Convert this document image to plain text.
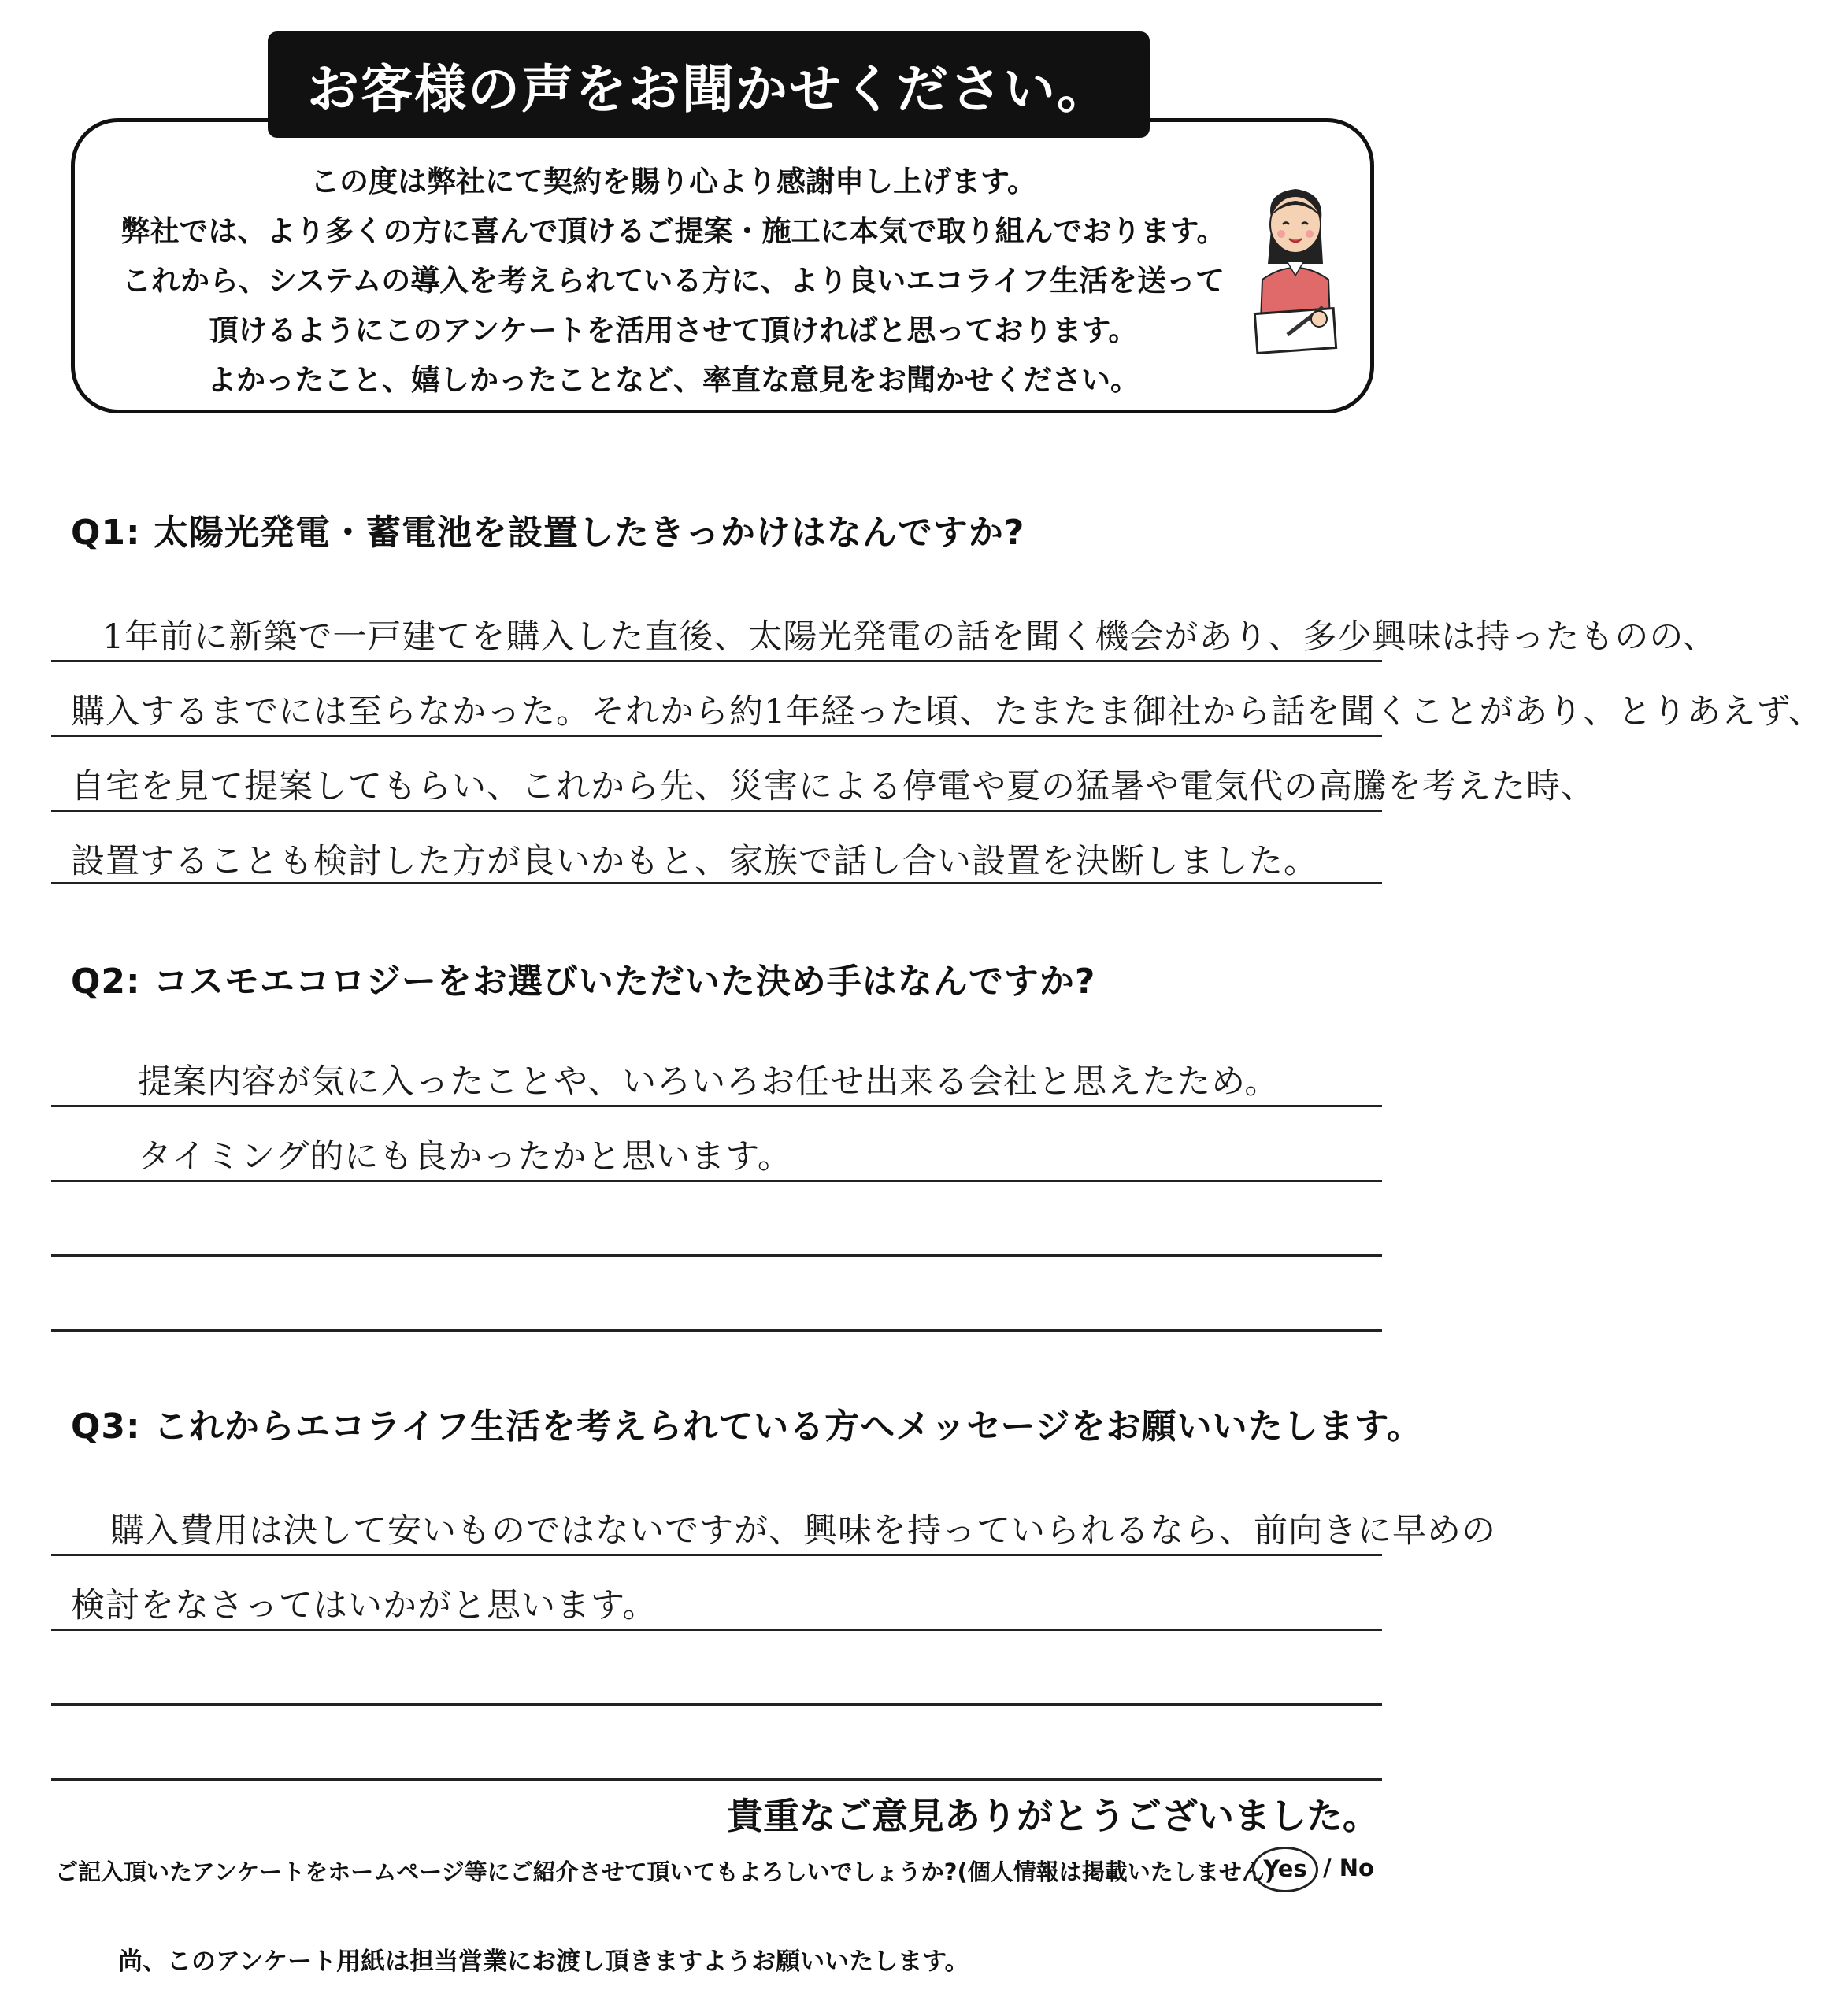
お客様の声をお聞かせください。
この度は弊社にて契約を賜り心より感謝申し上げます。
弊社では、より多くの方に喜んで頂けるご提案・施工に本気で取り組んでおります。
これから、システムの導入を考えられている方に、より良いエコライフ生活を送って
頂けるようにこのアンケートを活用させて頂ければと思っております。
よかったこと、嬉しかったことなど、率直な意見をお聞かせください。
Q1: 太陽光発電・蓄電池を設置したきっかけはなんですか?
1年前に新築で一戸建てを購入した直後、太陽光発電の話を聞く機会があり、多少興味は持ったものの、
購入するまでには至らなかった。それから約1年経った頃、たまたま御社から話を聞くことがあり、とりあえず、
自宅を見て提案してもらい、これから先、災害による停電や夏の猛暑や電気代の高騰を考えた時、
設置することも検討した方が良いかもと、家族で話し合い設置を決断しました。
Q2: コスモエコロジーをお選びいただいた決め手はなんですか?
提案内容が気に入ったことや、いろいろお任せ出来る会社と思えたため。
タイミング的にも良かったかと思います。
Q3: これからエコライフ生活を考えられている方へメッセージをお願いいたします。
購入費用は決して安いものではないですが、興味を持っていられるなら、前向きに早めの
検討をなさってはいかがと思います。
貴重なご意見ありがとうございました。
ご記入頂いたアンケートをホームページ等にご紹介させて頂いてもよろしいでしょうか?(個人情報は掲載いたしません)
Yes / No
尚、このアンケート用紙は担当営業にお渡し頂きますようお願いいたします。
